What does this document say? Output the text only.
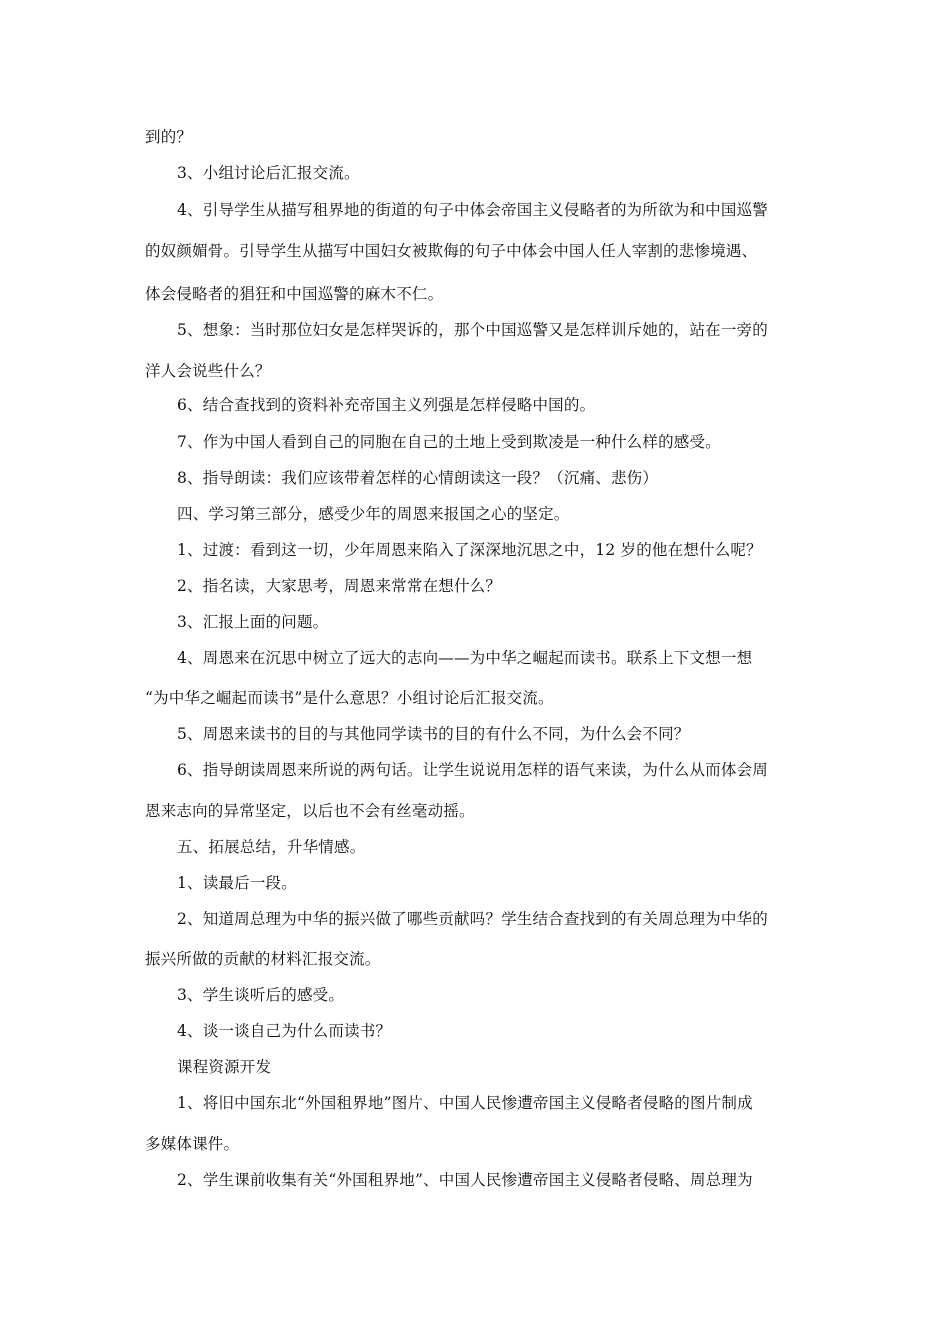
到的？
3、小组讨论后汇报交流。
4、引导学生从描写租界地的街道的句子中体会帝国主义侵略者的为所欲为和中国巡警
的奴颜媚骨。引导学生从描写中国妇女被欺侮的句子中体会中国人任人宰割的悲惨境遇、
体会侵略者的猖狂和中国巡警的麻木不仁。
5、想象：当时那位妇女是怎样哭诉的，那个中国巡警又是怎样训斥她的，站在一旁的
洋人会说些什么？
6、结合查找到的资料补充帝国主义列强是怎样侵略中国的。
7、作为中国人看到自己的同胞在自己的土地上受到欺凌是一种什么样的感受。
8、指导朗读：我们应该带着怎样的心情朗读这一段？（沉痛、悲伤）
四、学习第三部分，感受少年的周恩来报国之心的坚定。
1、过渡：看到这一切，少年周恩来陷入了深深地沉思之中，12 岁的他在想什么呢？
2、指名读，大家思考，周恩来常常在想什么？
3、汇报上面的问题。
4、周恩来在沉思中树立了远大的志向——为中华之崛起而读书。联系上下文想一想
“为中华之崛起而读书”是什么意思？小组讨论后汇报交流。
5、周恩来读书的目的与其他同学读书的目的有什么不同，为什么会不同？
6、指导朗读周恩来所说的两句话。让学生说说用怎样的语气来读，为什么从而体会周
恩来志向的异常坚定，以后也不会有丝毫动摇。
五、拓展总结，升华情感。
1、读最后一段。
2、知道周总理为中华的振兴做了哪些贡献吗？学生结合查找到的有关周总理为中华的
振兴所做的贡献的材料汇报交流。
3、学生谈听后的感受。
4、谈一谈自己为什么而读书？
课程资源开发
1、将旧中国东北“外国租界地”图片、中国人民惨遭帝国主义侵略者侵略的图片制成
多媒体课件。
2、学生课前收集有关“外国租界地”、中国人民惨遭帝国主义侵略者侵略、周总理为
